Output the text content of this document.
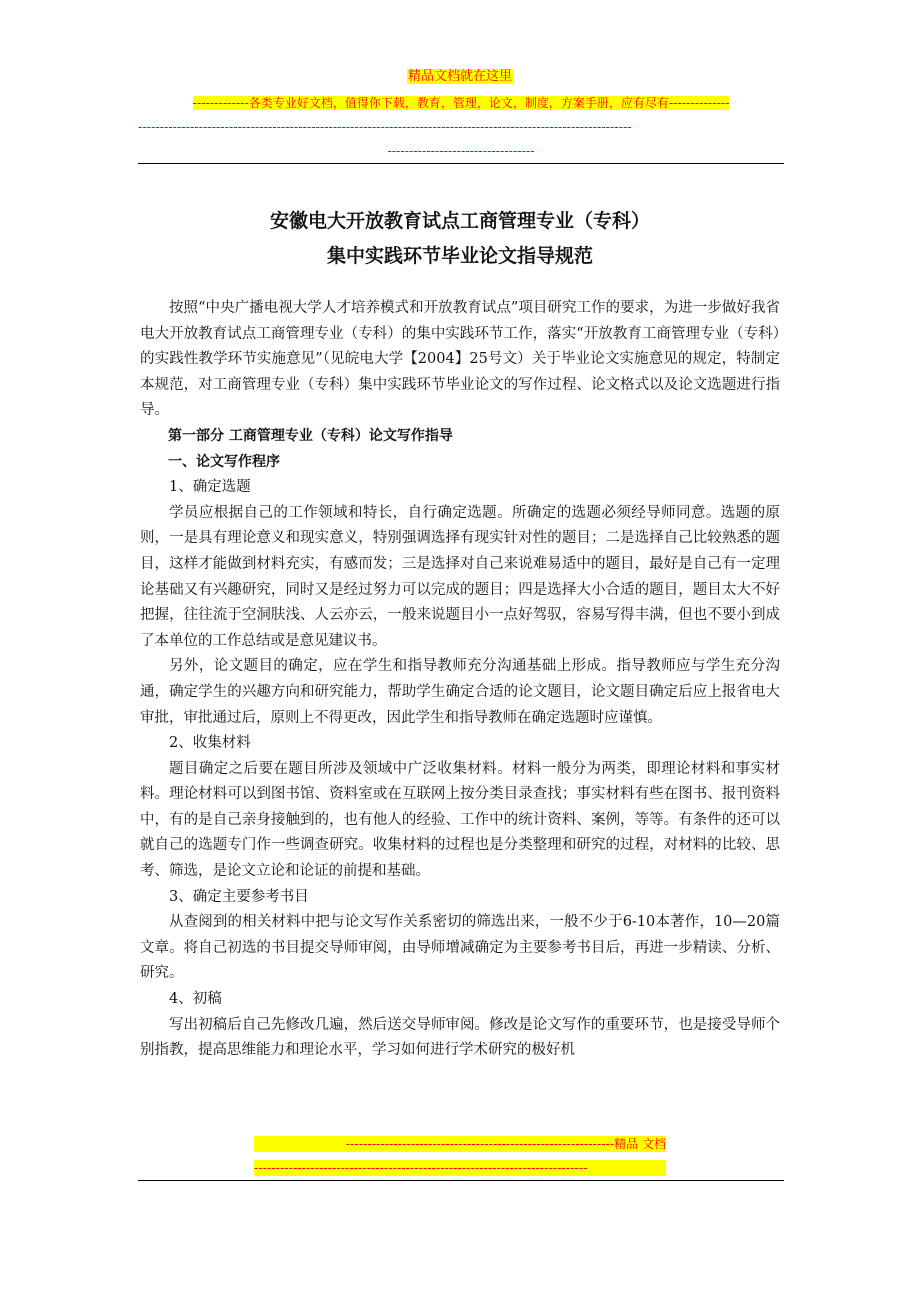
精品文档就在这里
-------------各类专业好文档，值得你下载，教育，管理，论文，制度，方案手册，应有尽有--------------
------------------------------------------------------------------------------------------------------------------
----------------------------------
安徽电大开放教育试点工商管理专业（专科）
集中实践环节毕业论文指导规范

按照“中央广播电视大学人才培养模式和开放教育试点”项目研究工作的要求，为进一步做好我省电大开放教育试点工商管理专业（专科）的集中实践环节工作，落实“开放教育工商管理专业（专科）的实践性教学环节实施意见”（见皖电大学【2004】25号文）关于毕业论文实施意见的规定，特制定本规范，对工商管理专业（专科）集中实践环节毕业论文的写作过程、论文格式以及论文选题进行指导。

第一部分 工商管理专业（专科）论文写作指导

一、论文写作程序

1、确定选题

学员应根据自己的工作领域和特长，自行确定选题。所确定的选题必须经导师同意。选题的原则，一是具有理论意义和现实意义，特别强调选择有现实针对性的题目；二是选择自己比较熟悉的题目，这样才能做到材料充实，有感而发；三是选择对自己来说难易适中的题目，最好是自己有一定理论基础又有兴趣研究，同时又是经过努力可以完成的题目；四是选择大小合适的题目，题目太大不好把握，往往流于空洞肤浅、人云亦云，一般来说题目小一点好驾驭，容易写得丰满，但也不要小到成了本单位的工作总结或是意见建议书。

另外，论文题目的确定，应在学生和指导教师充分沟通基础上形成。指导教师应与学生充分沟通，确定学生的兴趣方向和研究能力，帮助学生确定合适的论文题目，论文题目确定后应上报省电大审批，审批通过后，原则上不得更改，因此学生和指导教师在确定选题时应谨慎。

2、收集材料

题目确定之后要在题目所涉及领域中广泛收集材料。材料一般分为两类，即理论材料和事实材料。理论材料可以到图书馆、资料室或在互联网上按分类目录查找；事实材料有些在图书、报刊资料中，有的是自己亲身接触到的，也有他人的经验、工作中的统计资料、案例，等等。有条件的还可以就自己的选题专门作一些调查研究。收集材料的过程也是分类整理和研究的过程，对材料的比较、思考、筛选，是论文立论和论证的前提和基础。

3、确定主要参考书目

从查阅到的相关材料中把与论文写作关系密切的筛选出来，一般不少于6-10本著作，10—20篇文章。将自己初选的书目提交导师审阅，由导师增减确定为主要参考书目后，再进一步精读、分析、研究。

4、初稿

写出初稿后自己先修改几遍，然后送交导师审阅。修改是论文写作的重要环节，也是接受导师个别指教，提高思维能力和理论水平，学习如何进行学术研究的极好机

--------------------------------------------------------------精品 文档
-----------------------------------------------------------------------------
